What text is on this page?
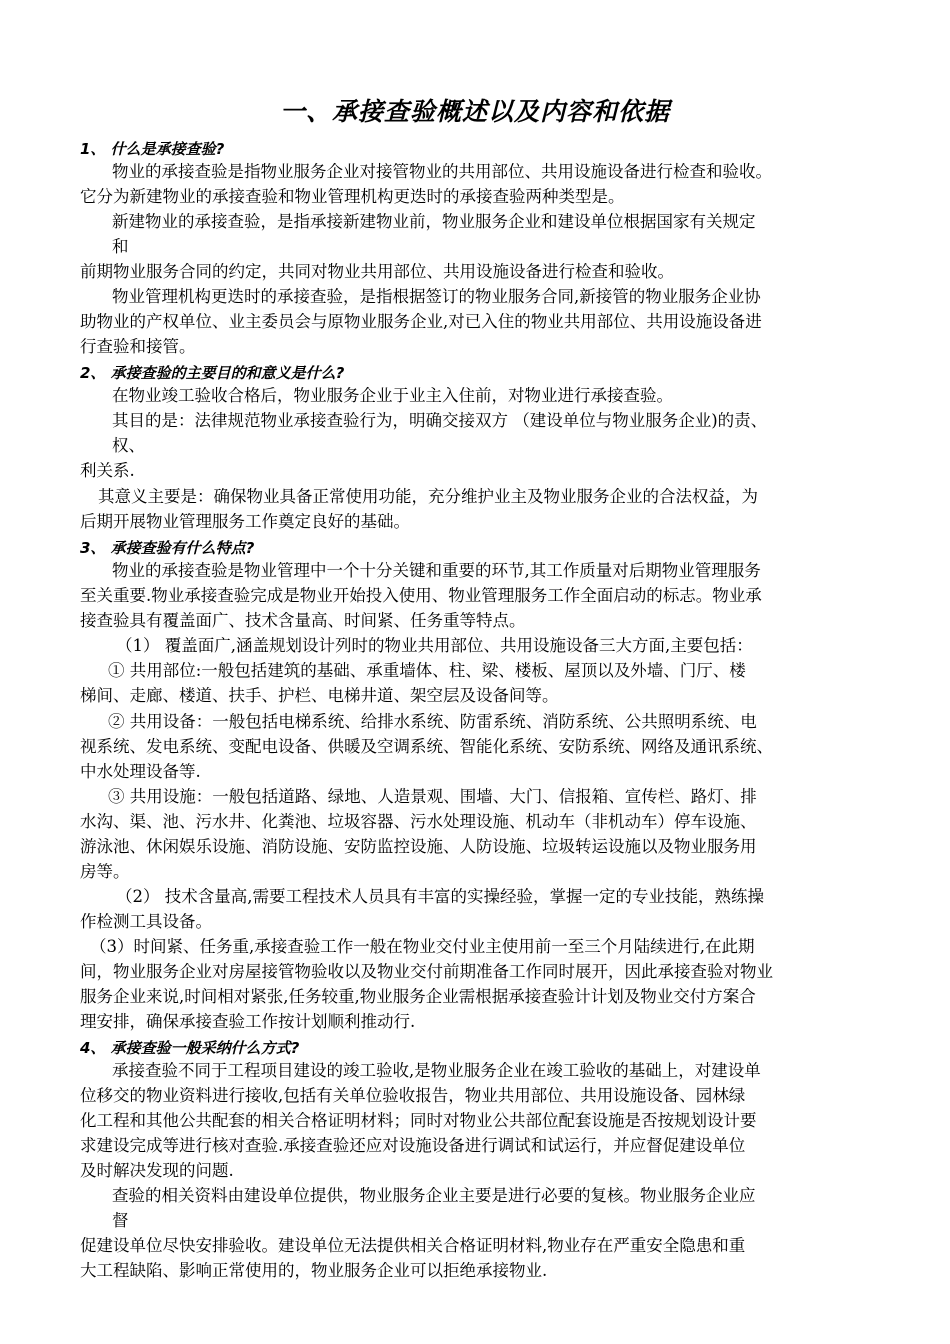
一、承接查验概述以及内容和依据
1、 什么是承接查验?
物业的承接查验是指物业服务企业对接管物业的共用部位、共用设施设备进行检查和验收。
它分为新建物业的承接查验和物业管理机构更迭时的承接查验两种类型是。
新建物业的承接查验，是指承接新建物业前，物业服务企业和建设单位根据国家有关规定
和
前期物业服务合同的约定，共同对物业共用部位、共用设施设备进行检查和验收。
物业管理机构更迭时的承接查验，是指根据签订的物业服务合同,新接管的物业服务企业协
助物业的产权单位、业主委员会与原物业服务企业,对已入住的物业共用部位、共用设施设备进
行查验和接管。
2、 承接查验的主要目的和意义是什么?
在物业竣工验收合格后，物业服务企业于业主入住前，对物业进行承接查验。
其目的是：法律规范物业承接查验行为，明确交接双方 （建设单位与物业服务企业)的责、
权、
利关系.
其意义主要是：确保物业具备正常使用功能，充分维护业主及物业服务企业的合法权益，为
后期开展物业管理服务工作奠定良好的基础。
3、 承接查验有什么特点?
物业的承接查验是物业管理中一个十分关键和重要的环节,其工作质量对后期物业管理服务
至关重要.物业承接查验完成是物业开始投入使用、物业管理服务工作全面启动的标志。物业承
接查验具有覆盖面广、技术含量高、时间紧、任务重等特点。
（1） 覆盖面广,涵盖规划设计列时的物业共用部位、共用设施设备三大方面,主要包括：
① 共用部位:一般包括建筑的基础、承重墙体、柱、梁、楼板、屋顶以及外墙、门厅、楼
梯间、走廊、楼道、扶手、护栏、电梯井道、架空层及设备间等。
② 共用设备：一般包括电梯系统、给排水系统、防雷系统、消防系统、公共照明系统、电
视系统、发电系统、变配电设备、供暖及空调系统、智能化系统、安防系统、网络及通讯系统、
中水处理设备等.
③ 共用设施：一般包括道路、绿地、人造景观、围墙、大门、信报箱、宣传栏、路灯、排
水沟、渠、池、污水井、化粪池、垃圾容器、污水处理设施、机动车（非机动车）停车设施、
游泳池、休闲娱乐设施、消防设施、安防监控设施、人防设施、垃圾转运设施以及物业服务用
房等。
（2） 技术含量高,需要工程技术人员具有丰富的实操经验，掌握一定的专业技能，熟练操
作检测工具设备。
（3）时间紧、任务重,承接查验工作一般在物业交付业主使用前一至三个月陆续进行,在此期
间，物业服务企业对房屋接管物验收以及物业交付前期准备工作同时展开，因此承接查验对物业
服务企业来说,时间相对紧张,任务较重,物业服务企业需根据承接查验计计划及物业交付方案合
理安排，确保承接查验工作按计划顺利推动行.
4、 承接查验一般采纳什么方式?
承接查验不同于工程项目建设的竣工验收,是物业服务企业在竣工验收的基础上，对建设单
位移交的物业资料进行接收,包括有关单位验收报告，物业共用部位、共用设施设备、园林绿
化工程和其他公共配套的相关合格证明材料；同时对物业公共部位配套设施是否按规划设计要
求建设完成等进行核对查验.承接查验还应对设施设备进行调试和试运行，并应督促建设单位
及时解决发现的问题.
查验的相关资料由建设单位提供，物业服务企业主要是进行必要的复核。物业服务企业应
督
促建设单位尽快安排验收。建设单位无法提供相关合格证明材料,物业存在严重安全隐患和重
大工程缺陷、影响正常使用的，物业服务企业可以拒绝承接物业.
